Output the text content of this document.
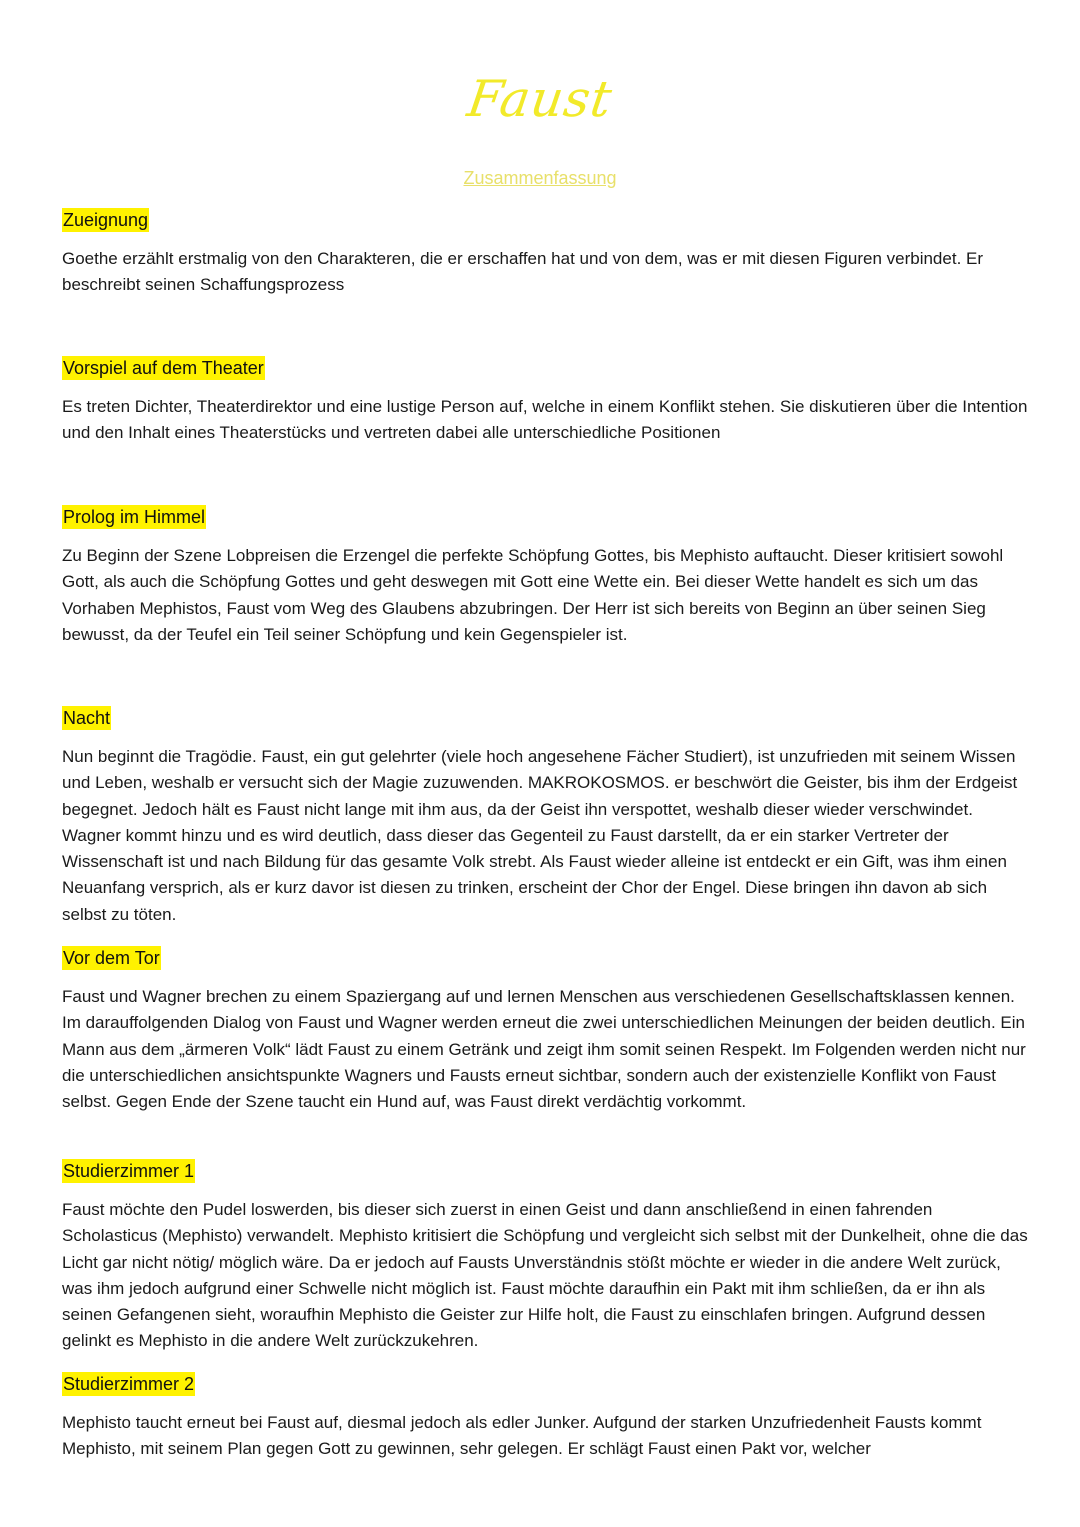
Faust
Zusammenfassung
Zueignung
Goethe erzählt erstmalig von den Charakteren, die er erschaffen hat und von dem, was er mit diesen Figuren verbindet. Er beschreibt seinen Schaffungsprozess
Vorspiel auf dem Theater
Es treten Dichter, Theaterdirektor und eine lustige Person auf, welche in einem Konflikt stehen. Sie diskutieren über die Intention und den Inhalt eines Theaterstücks und vertreten dabei alle unterschiedliche Positionen
Prolog im Himmel
Zu Beginn der Szene Lobpreisen die Erzengel die perfekte Schöpfung Gottes, bis Mephisto auftaucht. Dieser kritisiert sowohl Gott, als auch die Schöpfung Gottes und geht deswegen mit Gott eine Wette ein. Bei dieser Wette handelt es sich um das Vorhaben Mephistos, Faust vom Weg des Glaubens abzubringen. Der Herr ist sich bereits von Beginn an über seinen Sieg bewusst, da der Teufel ein Teil seiner Schöpfung und kein Gegenspieler ist.
Nacht
Nun beginnt die Tragödie. Faust, ein gut gelehrter (viele hoch angesehene Fächer Studiert), ist unzufrieden mit seinem Wissen und Leben, weshalb er versucht sich der Magie zuzuwenden. MAKROKOSMOS. er beschwört die Geister, bis ihm der Erdgeist begegnet. Jedoch hält es Faust nicht lange mit ihm aus, da der Geist ihn verspottet, weshalb dieser wieder verschwindet. Wagner kommt hinzu und es wird deutlich, dass dieser das Gegenteil zu Faust darstellt, da er ein starker Vertreter der Wissenschaft ist und nach Bildung für das gesamte Volk strebt. Als Faust wieder alleine ist entdeckt er ein Gift, was ihm einen Neuanfang versprich, als er kurz davor ist diesen zu trinken, erscheint der Chor der Engel. Diese bringen ihn davon ab sich selbst zu töten.
Vor dem Tor
Faust und Wagner brechen zu einem Spaziergang auf und lernen Menschen aus verschiedenen Gesellschaftsklassen kennen. Im darauffolgenden Dialog von Faust und Wagner werden erneut die zwei unterschiedlichen Meinungen der beiden deutlich. Ein Mann aus dem „ärmeren Volk“ lädt Faust zu einem Getränk und zeigt ihm somit seinen Respekt. Im Folgenden werden nicht nur die unterschiedlichen ansichtspunkte Wagners und Fausts erneut sichtbar, sondern auch der existenzielle Konflikt von Faust selbst. Gegen Ende der Szene taucht ein Hund auf, was Faust direkt verdächtig vorkommt.
Studierzimmer 1
Faust möchte den Pudel loswerden, bis dieser sich zuerst in einen Geist und dann anschließend in einen fahrenden Scholasticus (Mephisto) verwandelt. Mephisto kritisiert die Schöpfung und vergleicht sich selbst mit der Dunkelheit, ohne die das Licht gar nicht nötig/ möglich wäre. Da er jedoch auf Fausts Unverständnis stößt möchte er wieder in die andere Welt zurück, was ihm jedoch aufgrund einer Schwelle nicht möglich ist. Faust möchte daraufhin ein Pakt mit ihm schließen, da er ihn als seinen Gefangenen sieht, woraufhin Mephisto die Geister zur Hilfe holt, die Faust zu einschlafen bringen. Aufgrund dessen gelinkt es Mephisto in die andere Welt zurückzukehren.
Studierzimmer 2
Mephisto taucht erneut bei Faust auf, diesmal jedoch als edler Junker. Aufgund der starken Unzufriedenheit Fausts kommt Mephisto, mit seinem Plan gegen Gott zu gewinnen, sehr gelegen. Er schlägt Faust einen Pakt vor, welcher
